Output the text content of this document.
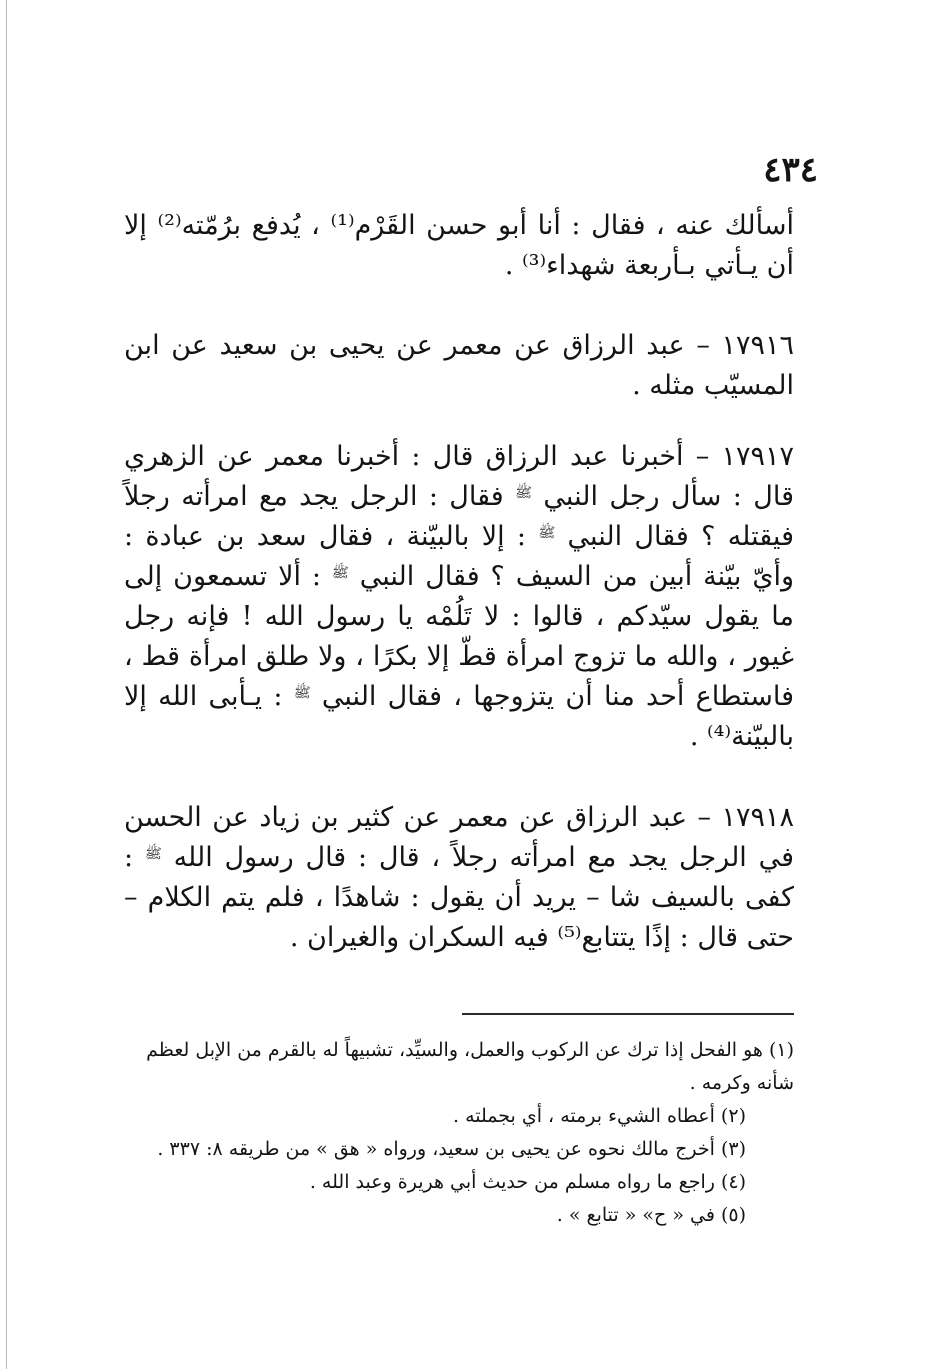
٤٣٤

أسألك عنه ، فقال : أنا أبو حسن القَرْم⁽¹⁾ ، يُدفع برُمّته⁽²⁾ إلا أن يـأتي بـأربعة شهداء⁽³⁾ .

١٧٩١٦ – عبد الرزاق عن معمر عن يحيى بن سعيد عن ابن المسيّب مثله .

١٧٩١٧ – أخبرنا عبد الرزاق قال : أخبرنا معمر عن الزهري قال : سأل رجل النبي $^ﷺ$ فقال : الرجل يجد مع امرأته رجلاً فيقتله ؟ فقال النبي $^ﷺ$ : إلا بالبيّنة ، فقال سعد بن عبادة : وأيّ بيّنة أبين من السيف ؟ فقال النبي $^ﷺ$ : ألا تسمعون إلى ما يقول سيّدكم ، قالوا : لا تَلُمْه يا رسول الله ! فإنه رجل غيور ، والله ما تزوج امرأة قطّ إلا بكرًا ، ولا طلق امرأة قط ، فاستطاع أحد منا أن يتزوجها ، فقال النبي $^ﷺ$ : يـأبى الله إلا بالبيّنة⁽⁴⁾ .

١٧٩١٨ – عبد الرزاق عن معمر عن كثير بن زياد عن الحسن في الرجل يجد مع امرأته رجلاً ، قال : قال رسول الله $^ﷺ$ : كفى بالسيف شا – يريد أن يقول : شاهدًا ، فلم يتم الكلام – حتى قال : إذًا يتتابع⁽⁵⁾ فيه السكران والغيران .

(١) هو الفحل إذا ترك عن الركوب والعمل، والسيِّد، تشبيهاً له بالقرم من الإبل لعظم شأنه وكرمه .

(٢) أعطاه الشيء برمته ، أي بجملته .

(٣) أخرج مالك نحوه عن يحيى بن سعيد، ورواه « هق » من طريقه ٨: ٣٣٧ .

(٤) راجع ما رواه مسلم من حديث أبي هريرة وعبد الله .

(٥) في « ح» « تتابع » .
